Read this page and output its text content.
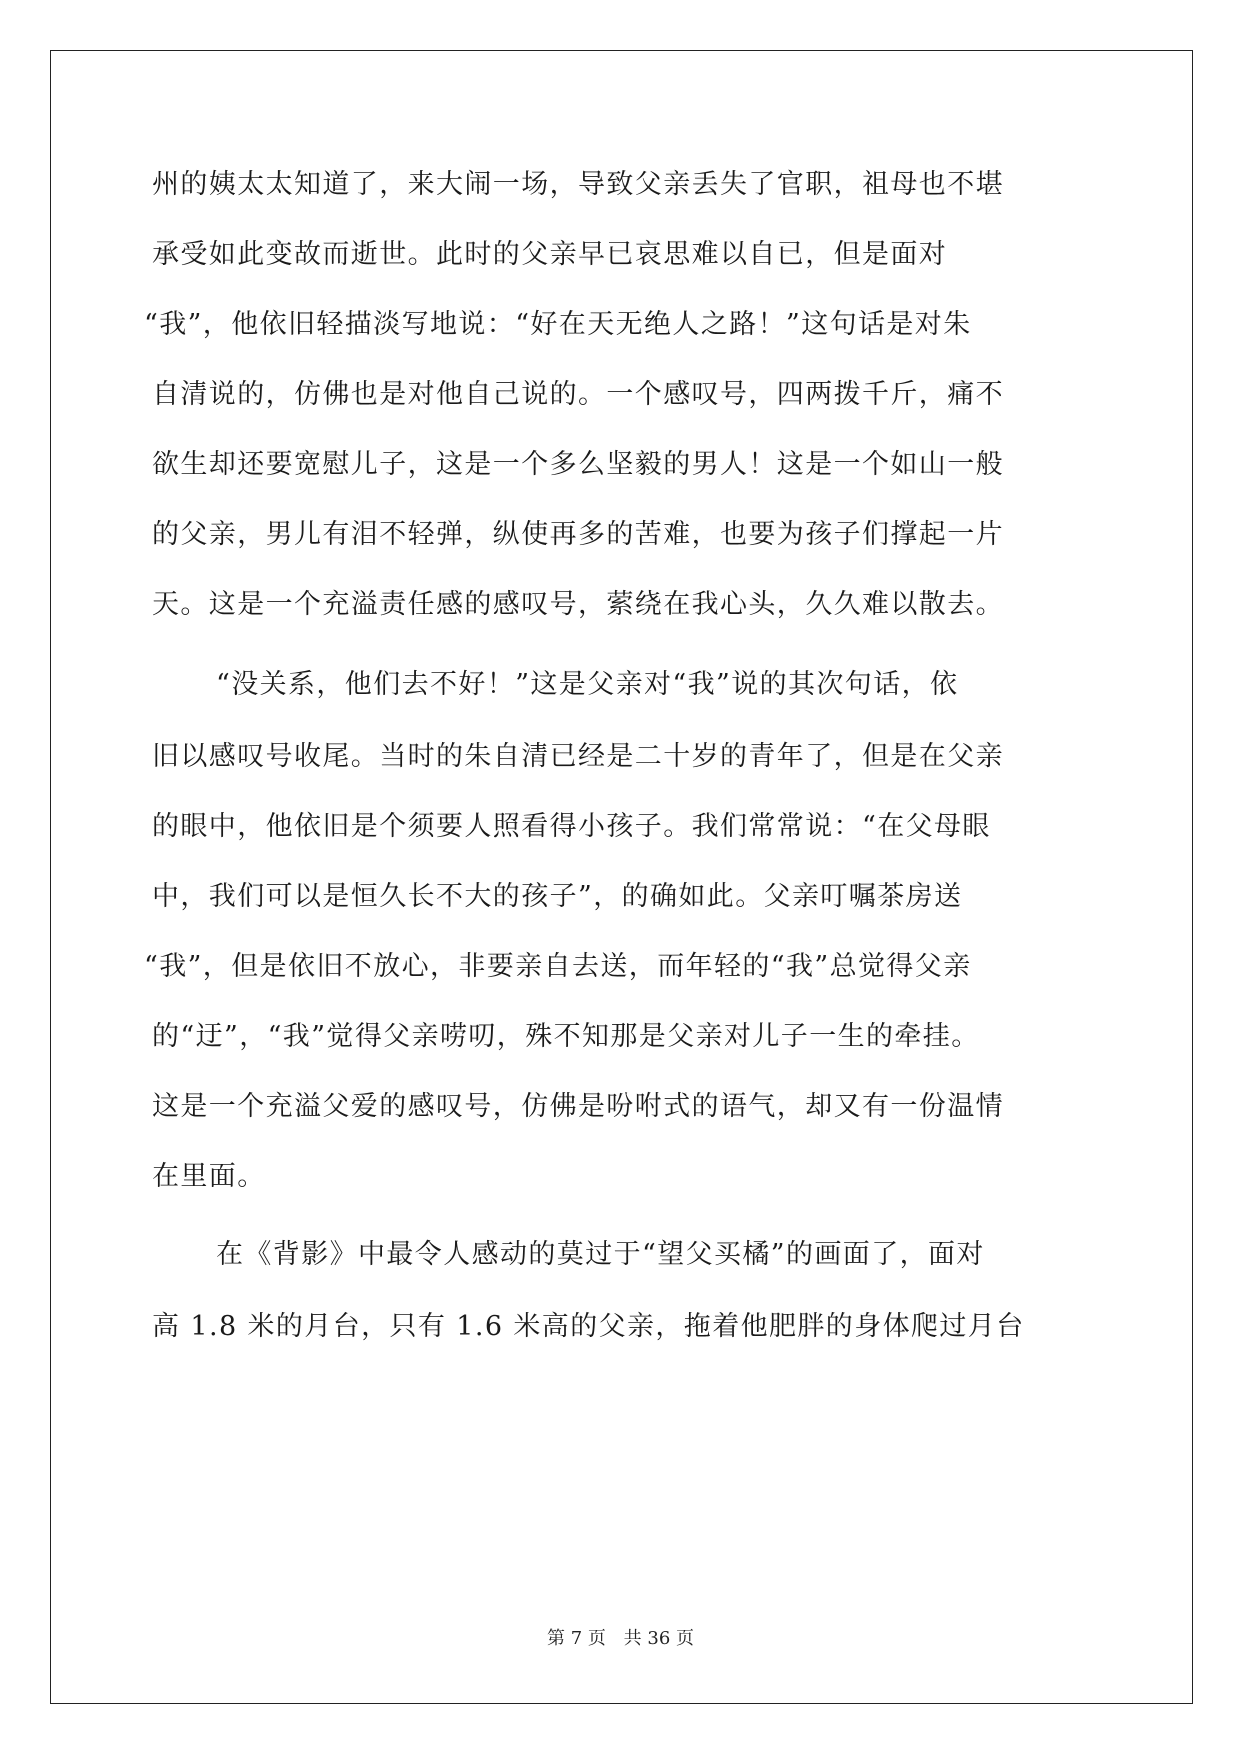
州的姨太太知道了，来大闹一场，导致父亲丢失了官职，祖母也不堪
承受如此变故而逝世。此时的父亲早已哀思难以自已，但是面对
“我”，他依旧轻描淡写地说：“好在天无绝人之路！”这句话是对朱
自清说的，仿佛也是对他自己说的。一个感叹号，四两拨千斤，痛不
欲生却还要宽慰儿子，这是一个多么坚毅的男人！这是一个如山一般
的父亲，男儿有泪不轻弹，纵使再多的苦难，也要为孩子们撑起一片
天。这是一个充溢责任感的感叹号，萦绕在我心头，久久难以散去。
“没关系，他们去不好！”这是父亲对“我”说的其次句话，依
旧以感叹号收尾。当时的朱自清已经是二十岁的青年了，但是在父亲
的眼中，他依旧是个须要人照看得小孩子。我们常常说：“在父母眼
中，我们可以是恒久长不大的孩子”，的确如此。父亲叮嘱茶房送
“我”，但是依旧不放心，非要亲自去送，而年轻的“我”总觉得父亲
的“迂”，“我”觉得父亲唠叨，殊不知那是父亲对儿子一生的牵挂。
这是一个充溢父爱的感叹号，仿佛是吩咐式的语气，却又有一份温情
在里面。
在《背影》中最令人感动的莫过于“望父买橘”的画面了，面对
高 1.8 米的月台，只有 1.6 米高的父亲，拖着他肥胖的身体爬过月台
第 7 页 共 36 页
